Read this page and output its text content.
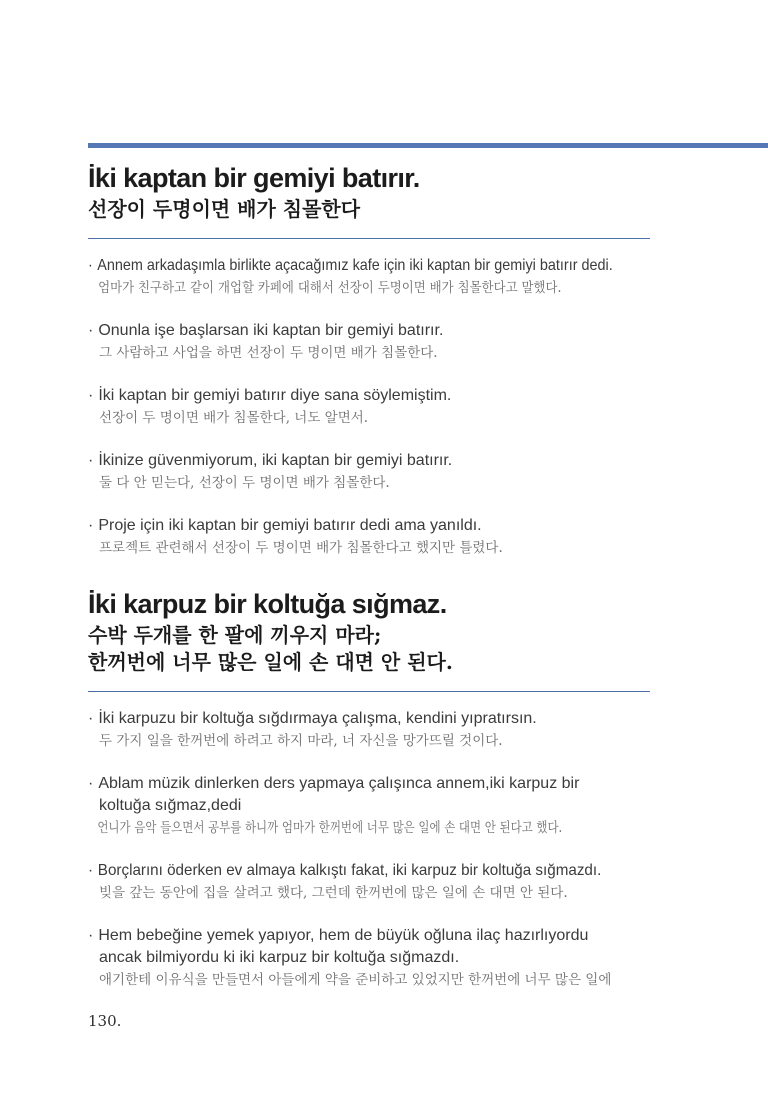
İki kaptan bir gemiyi batırır.
선장이 두명이면 배가 침몰한다
· Annem arkadaşımla birlikte açacağımız kafe için iki kaptan bir gemiyi batırır dedi.
엄마가 친구하고 같이 개업할 카페에 대해서 선장이 두명이면 배가 침몰한다고 말했다.
· Onunla işe başlarsan iki kaptan bir gemiyi batırır.
그 사람하고 사업을 하면 선장이 두 명이면 배가 침몰한다.
· İki kaptan bir gemiyi batırır diye sana söylemiştim.
선장이 두 명이면 배가 침몰한다, 너도 알면서.
· İkinize güvenmiyorum, iki kaptan bir gemiyi batırır.
둘 다 안 믿는다, 선장이 두 명이면 배가 침몰한다.
· Proje için iki kaptan bir gemiyi batırır dedi ama yanıldı.
프로젝트 관련해서 선장이 두 명이면 배가 침몰한다고 했지만 틀렸다.
İki karpuz bir koltuğa sığmaz.
수박 두개를 한 팔에 끼우지 마라;
한꺼번에 너무 많은 일에 손 대면 안 된다.
· İki karpuzu bir koltuğa sığdırmaya çalışma, kendini yıpratırsın.
두 가지 일을 한꺼번에 하려고 하지 마라, 너 자신을 망가뜨릴 것이다.
· Ablam müzik dinlerken ders yapmaya çalışınca annem,iki karpuz bir
koltuğa sığmaz,dedi
언니가 음악 들으면서 공부를 하니까 엄마가 한꺼번에 너무 많은 일에 손 대면 안 된다고 했다.
· Borçlarını öderken ev almaya kalkıştı fakat, iki karpuz bir koltuğa sığmazdı.
빚을 갚는 동안에 집을 살려고 했다, 그런데 한꺼번에 많은 일에 손 대면 안 된다.
· Hem bebeğine yemek yapıyor, hem de büyük oğluna ilaç hazırlıyordu
ancak bilmiyordu ki iki karpuz bir koltuğa sığmazdı.
애기한테 이유식을 만들면서 아들에게 약을 준비하고 있었지만 한꺼번에 너무 많은 일에
130.
